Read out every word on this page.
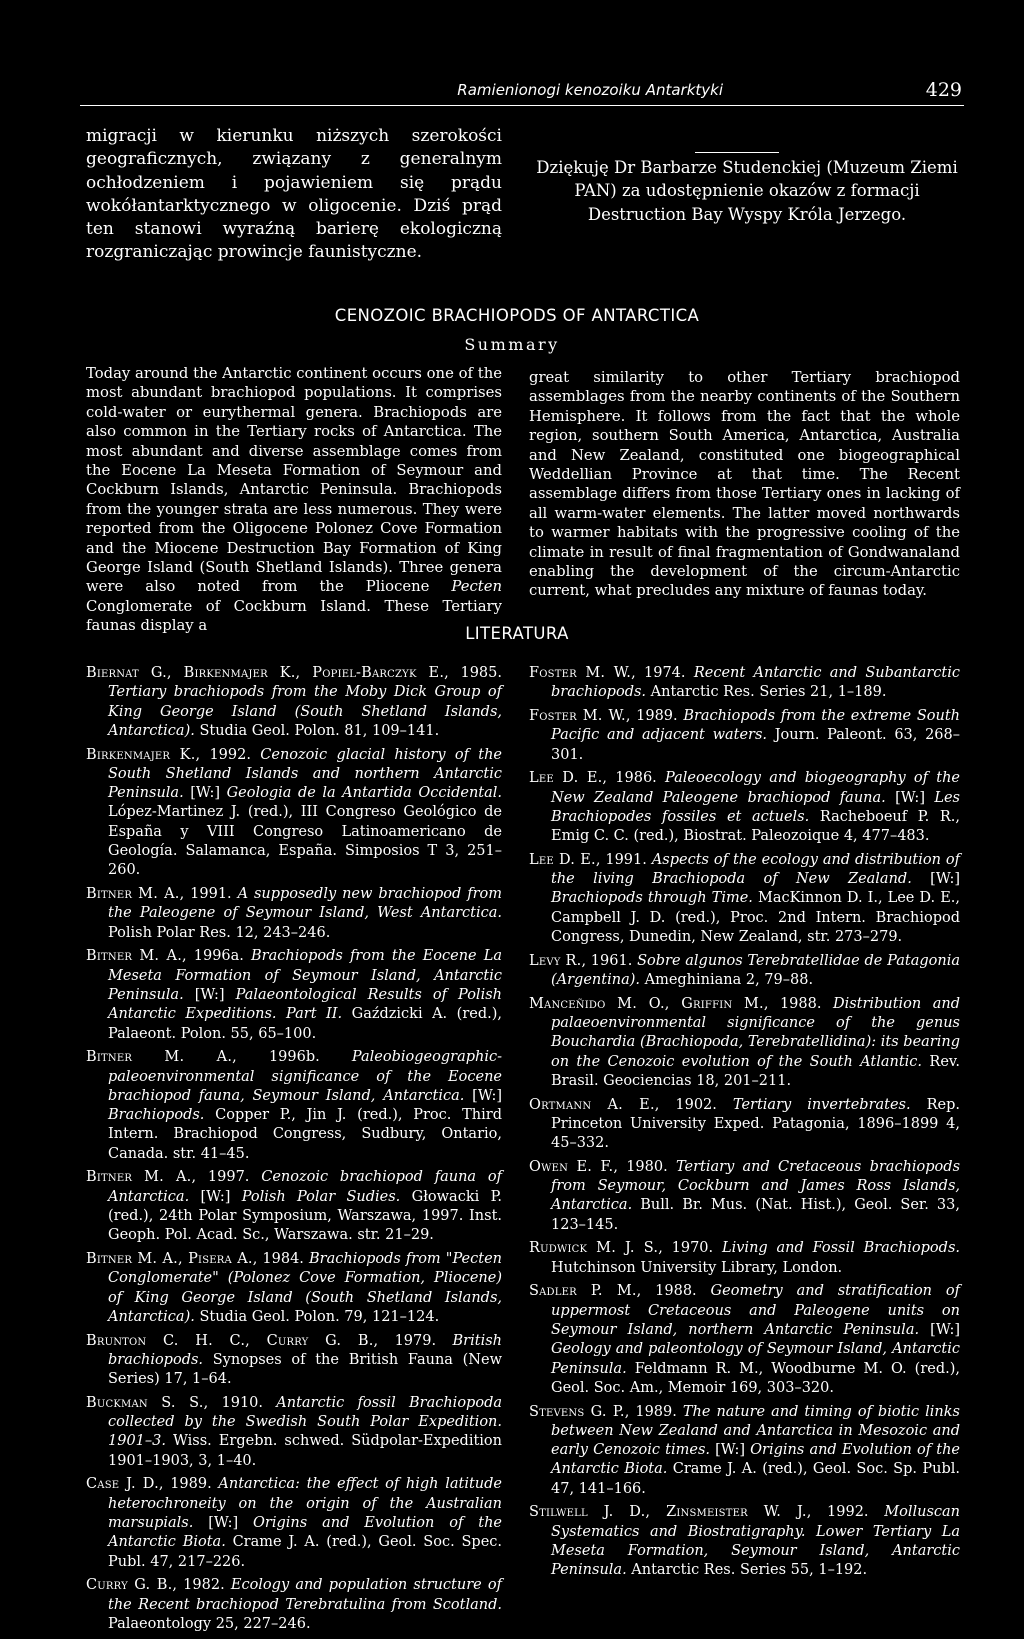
Ramienionogi kenozoiku Antarktyki	429
migracji w kierunku niższych szerokości geograficznych, związany z generalnym ochłodzeniem i pojawieniem się prądu wokółantarktycznego w oligocenie. Dziś prąd ten stanowi wyraźną barierę ekologiczną rozgraniczając prowincje faunistyczne.
Dziękuję Dr Barbarze Studenckiej (Muzeum Ziemi PAN) za udostępnienie okazów z formacji Destruction Bay Wyspy Króla Jerzego.
CENOZOIC BRACHIOPODS OF ANTARCTICA
Summary
Today around the Antarctic continent occurs one of the most abundant brachiopod populations. It comprises cold-water or eurythermal genera. Brachiopods are also common in the Tertiary rocks of Antarctica. The most abundant and diverse assemblage comes from the Eocene La Meseta Formation of Seymour and Cockburn Islands, Antarctic Peninsula. Brachiopods from the younger strata are less numerous. They were reported from the Oligocene Polonez Cove Formation and the Miocene Destruction Bay Formation of King George Island (South Shetland Islands). Three genera were also noted from the Pliocene Pecten Conglomerate of Cockburn Island. These Tertiary faunas display a
great similarity to other Tertiary brachiopod assemblages from the nearby continents of the Southern Hemisphere. It follows from the fact that the whole region, southern South America, Antarctica, Australia and New Zealand, constituted one biogeographical Weddellian Province at that time. The Recent assemblage differs from those Tertiary ones in lacking of all warm-water elements. The latter moved northwards to warmer habitats with the progressive cooling of the climate in result of final fragmentation of Gondwanaland enabling the development of the circum-Antarctic current, what precludes any mixture of faunas today.
LITERATURA
Biernat G., Birkenmajer K., Popiel-Barczyk E., 1985. Tertiary brachiopods from the Moby Dick Group of King George Island (South Shetland Islands, Antarctica). Studia Geol. Polon. 81, 109–141.
Birkenmajer K., 1992. Cenozoic glacial history of the South Shetland Islands and northern Antarctic Peninsula. [W:] Geologia de la Antartida Occidental. López-Martinez J. (red.), III Congreso Geológico de España y VIII Congreso Latinoamericano de Geología. Salamanca, España. Simposios T 3, 251–260.
Bitner M. A., 1991. A supposedly new brachiopod from the Paleogene of Seymour Island, West Antarctica. Polish Polar Res. 12, 243–246.
Bitner M. A., 1996a. Brachiopods from the Eocene La Meseta Formation of Seymour Island, Antarctic Peninsula. [W:] Palaeontological Results of Polish Antarctic Expeditions. Part II. Gaździcki A. (red.), Palaeont. Polon. 55, 65–100.
Bitner M. A., 1996b. Paleobiogeographic-paleoenvironmental significance of the Eocene brachiopod fauna, Seymour Island, Antarctica. [W:] Brachiopods. Copper P., Jin J. (red.), Proc. Third Intern. Brachiopod Congress, Sudbury, Ontario, Canada. str. 41–45.
Bitner M. A., 1997. Cenozoic brachiopod fauna of Antarctica. [W:] Polish Polar Sudies. Głowacki P. (red.), 24th Polar Symposium, Warszawa, 1997. Inst. Geoph. Pol. Acad. Sc., Warszawa. str. 21–29.
Bitner M. A., Pisera A., 1984. Brachiopods from "Pecten Conglomerate" (Polonez Cove Formation, Pliocene) of King George Island (South Shetland Islands, Antarctica). Studia Geol. Polon. 79, 121–124.
Brunton C. H. C., Curry G. B., 1979. British brachiopods. Synopses of the British Fauna (New Series) 17, 1–64.
Buckman S. S., 1910. Antarctic fossil Brachiopoda collected by the Swedish South Polar Expedition. 1901–3. Wiss. Ergebn. schwed. Südpolar-Expedition 1901–1903, 3, 1–40.
Case J. D., 1989. Antarctica: the effect of high latitude heterochroneity on the origin of the Australian marsupials. [W:] Origins and Evolution of the Antarctic Biota. Crame J. A. (red.), Geol. Soc. Spec. Publ. 47, 217–226.
Curry G. B., 1982. Ecology and population structure of the Recent brachiopod Terebratulina from Scotland. Palaeontology 25, 227–246.
Foster M. W., 1974. Recent Antarctic and Subantarctic brachiopods. Antarctic Res. Series 21, 1–189.
Foster M. W., 1989. Brachiopods from the extreme South Pacific and adjacent waters. Journ. Paleont. 63, 268–301.
Lee D. E., 1986. Paleoecology and biogeography of the New Zealand Paleogene brachiopod fauna. [W:] Les Brachiopodes fossiles et actuels. Racheboeuf P. R., Emig C. C. (red.), Biostrat. Paleozoique 4, 477–483.
Lee D. E., 1991. Aspects of the ecology and distribution of the living Brachiopoda of New Zealand. [W:] Brachiopods through Time. MacKinnon D. I., Lee D. E., Campbell J. D. (red.), Proc. 2nd Intern. Brachiopod Congress, Dunedin, New Zealand, str. 273–279.
Levy R., 1961. Sobre algunos Terebratellidae de Patagonia (Argentina). Ameghiniana 2, 79–88.
Manceñido M. O., Griffin M., 1988. Distribution and palaeoenvironmental significance of the genus Bouchardia (Brachiopoda, Terebratellidina): its bearing on the Cenozoic evolution of the South Atlantic. Rev. Brasil. Geociencias 18, 201–211.
Ortmann A. E., 1902. Tertiary invertebrates. Rep. Princeton University Exped. Patagonia, 1896–1899 4, 45–332.
Owen E. F., 1980. Tertiary and Cretaceous brachiopods from Seymour, Cockburn and James Ross Islands, Antarctica. Bull. Br. Mus. (Nat. Hist.), Geol. Ser. 33, 123–145.
Rudwick M. J. S., 1970. Living and Fossil Brachiopods. Hutchinson University Library, London.
Sadler P. M., 1988. Geometry and stratification of uppermost Cretaceous and Paleogene units on Seymour Island, northern Antarctic Peninsula. [W:] Geology and paleontology of Seymour Island, Antarctic Peninsula. Feldmann R. M., Woodburne M. O. (red.), Geol. Soc. Am., Memoir 169, 303–320.
Stevens G. P., 1989. The nature and timing of biotic links between New Zealand and Antarctica in Mesozoic and early Cenozoic times. [W:] Origins and Evolution of the Antarctic Biota. Crame J. A. (red.), Geol. Soc. Sp. Publ. 47, 141–166.
Stilwell J. D., Zinsmeister W. J., 1992. Molluscan Systematics and Biostratigraphy. Lower Tertiary La Meseta Formation, Seymour Island, Antarctic Peninsula. Antarctic Res. Series 55, 1–192.
